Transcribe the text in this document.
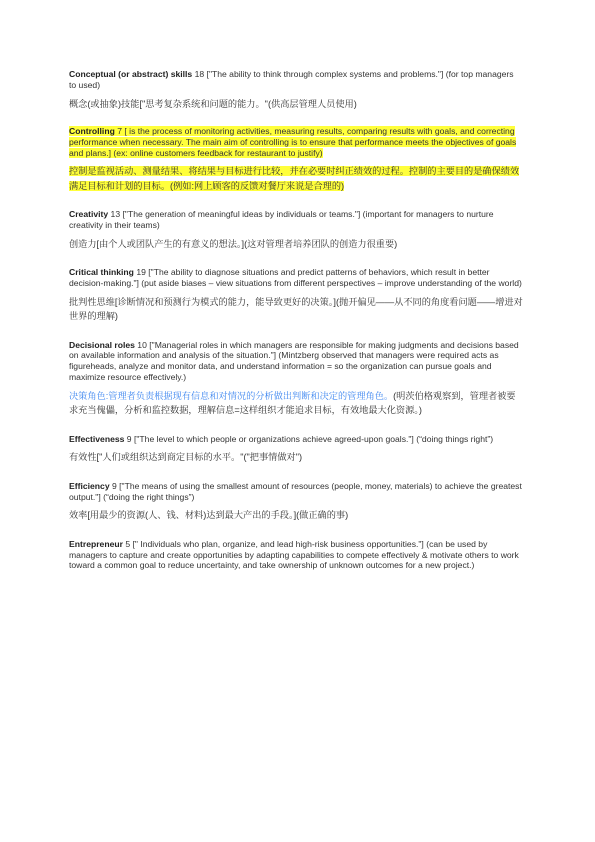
Conceptual (or abstract) skills 18 ["The ability to think through complex systems and problems."] (for top managers to used)

概念(或抽象)技能["思考复杂系统和问题的能力。"(供高层管理人员使用)

Controlling 7 [ is the process of monitoring activities, measuring results, comparing results with goals, and correcting performance when necessary. The main aim of controlling is to ensure that performance meets the objectives of goals and plans.] (ex: online customers feedback for restaurant to justify)

控制是监视活动、测量结果、将结果与目标进行比较，并在必要时纠正绩效的过程。控制的主要目的是确保绩效满足目标和计划的目标。(例如:网上顾客的反馈对餐厅来说是合理的)

Creativity 13 ["The generation of meaningful ideas by individuals or teams."] (important for managers to nurture creativity in their teams)

创造力[由个人或团队产生的有意义的想法。](这对管理者培养团队的创造力很重要)

Critical thinking 19 ["The ability to diagnose situations and predict patterns of behaviors, which result in better decision-making."] (put aside biases – view situations from different perspectives – improve understanding of the world)

批判性思维[诊断情况和预测行为模式的能力，能导致更好的决策。](抛开偏见——从不同的角度看问题——增进对世界的理解)

Decisional roles 10 ["Managerial roles in which managers are responsible for making judgments and decisions based on available information and analysis of the situation."] (Mintzberg observed that managers were required acts as figureheads, analyze and monitor data, and understand information = so the organization can pursue goals and maximize resource effectively.)

决策角色:管理者负责根据现有信息和对情况的分析做出判断和决定的管理角色。(明茨伯格观察到，管理者被要求充当傀儡，分析和监控数据，理解信息=这样组织才能追求目标，有效地最大化资源。)

Effectiveness 9 ["The level to which people or organizations achieve agreed-upon goals."] (“doing things right”)

有效性["人们或组织达到商定目标的水平。"("把事情做对")

Efficiency 9 ["The means of using the smallest amount of resources (people, money, materials) to achieve the greatest output."] (“doing the right things”)

效率[用最少的资源(人、钱、材料)达到最大产出的手段。](做正确的事)

Entrepreneur 5 [" Individuals who plan, organize, and lead high-risk business opportunities."] (can be used by managers to capture and create opportunities by adapting capabilities to compete effectively & motivate others to work toward a common goal to reduce uncertainty, and take ownership of unknown outcomes for a new project.)
